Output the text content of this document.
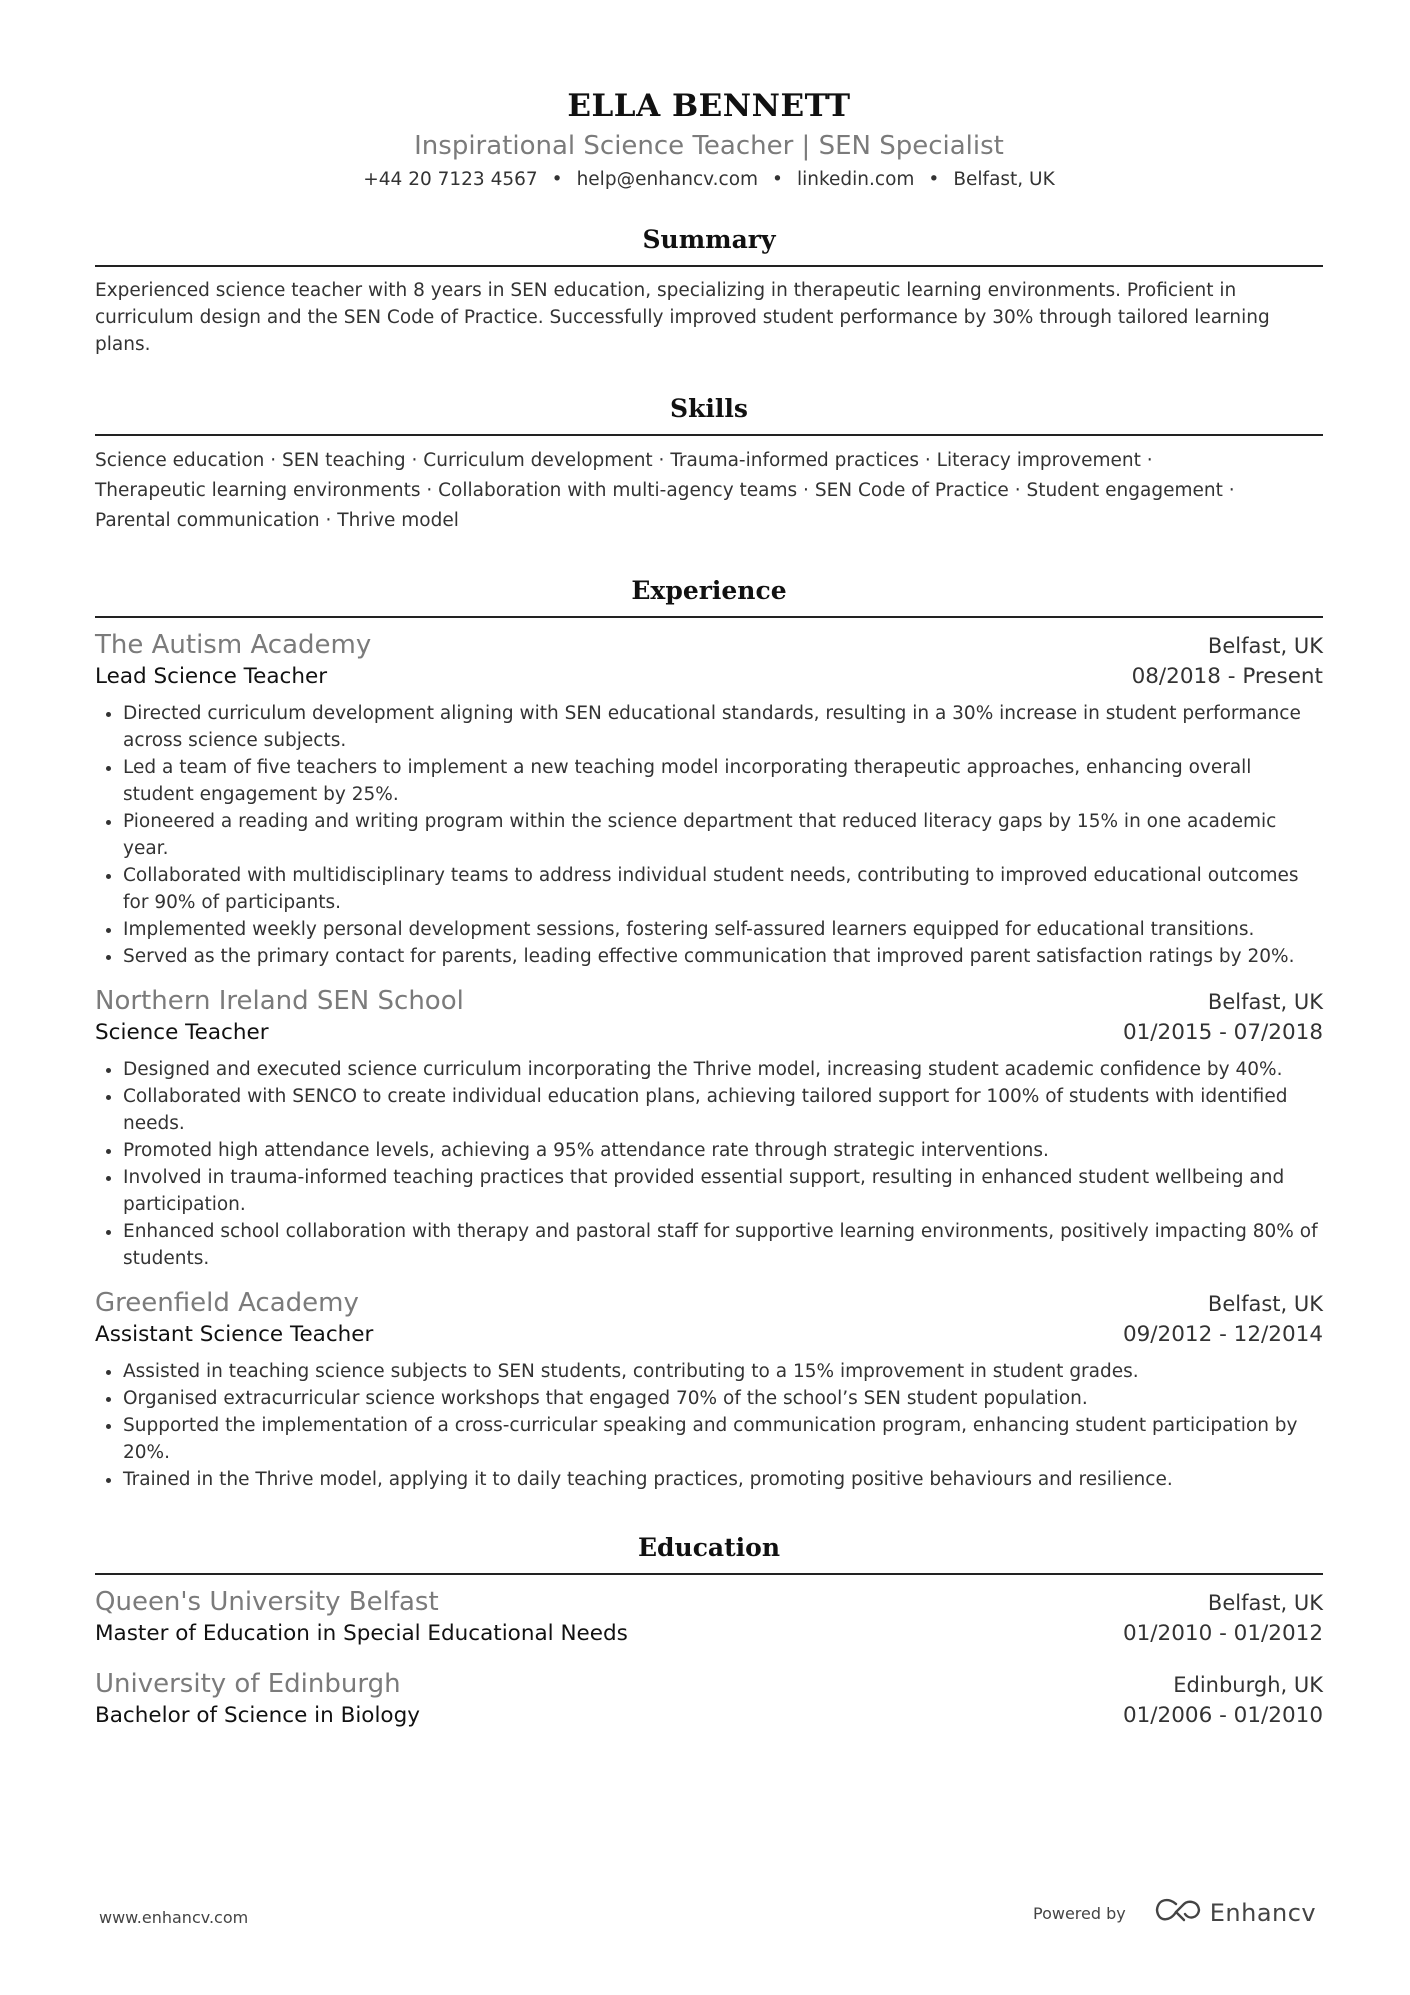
ELLA BENNETT
Inspirational Science Teacher | SEN Specialist
+44 20 7123 4567 • help@enhancv.com • linkedin.com • Belfast, UK
Summary

Experienced science teacher with 8 years in SEN education, specializing in therapeutic learning environments. Proficient in curriculum design and the SEN Code of Practice. Successfully improved student performance by 30% through tailored learning plans.

Skills
Science education · SEN teaching · Curriculum development · Trauma-informed practices · Literacy improvement ·
Therapeutic learning environments · Collaboration with multi-agency teams · SEN Code of Practice · Student engagement ·
Parental communication · Thrive model
Experience
The Autism Academy	Belfast, UK
Lead Science Teacher	08/2018 - Present
• Directed curriculum development aligning with SEN educational standards, resulting in a 30% increase in student performance across science subjects.
• Led a team of five teachers to implement a new teaching model incorporating therapeutic approaches, enhancing overall student engagement by 25%.
• Pioneered a reading and writing program within the science department that reduced literacy gaps by 15% in one academic year.
• Collaborated with multidisciplinary teams to address individual student needs, contributing to improved educational outcomes for 90% of participants.
• Implemented weekly personal development sessions, fostering self-assured learners equipped for educational transitions.
• Served as the primary contact for parents, leading effective communication that improved parent satisfaction ratings by 20%.
Northern Ireland SEN School	Belfast, UK
Science Teacher	01/2015 - 07/2018
• Designed and executed science curriculum incorporating the Thrive model, increasing student academic confidence by 40%.
• Collaborated with SENCO to create individual education plans, achieving tailored support for 100% of students with identified needs.
• Promoted high attendance levels, achieving a 95% attendance rate through strategic interventions.
• Involved in trauma-informed teaching practices that provided essential support, resulting in enhanced student wellbeing and participation.
• Enhanced school collaboration with therapy and pastoral staff for supportive learning environments, positively impacting 80% of students.
Greenfield Academy	Belfast, UK
Assistant Science Teacher	09/2012 - 12/2014
• Assisted in teaching science subjects to SEN students, contributing to a 15% improvement in student grades.
• Organised extracurricular science workshops that engaged 70% of the school’s SEN student population.
• Supported the implementation of a cross-curricular speaking and communication program, enhancing student participation by 20%.
• Trained in the Thrive model, applying it to daily teaching practices, promoting positive behaviours and resilience.
Education
Queen's University Belfast	Belfast, UK
Master of Education in Special Educational Needs	01/2010 - 01/2012
University of Edinburgh	Edinburgh, UK
Bachelor of Science in Biology	01/2006 - 01/2010
www.enhancv.com	Powered by	Enhancv
